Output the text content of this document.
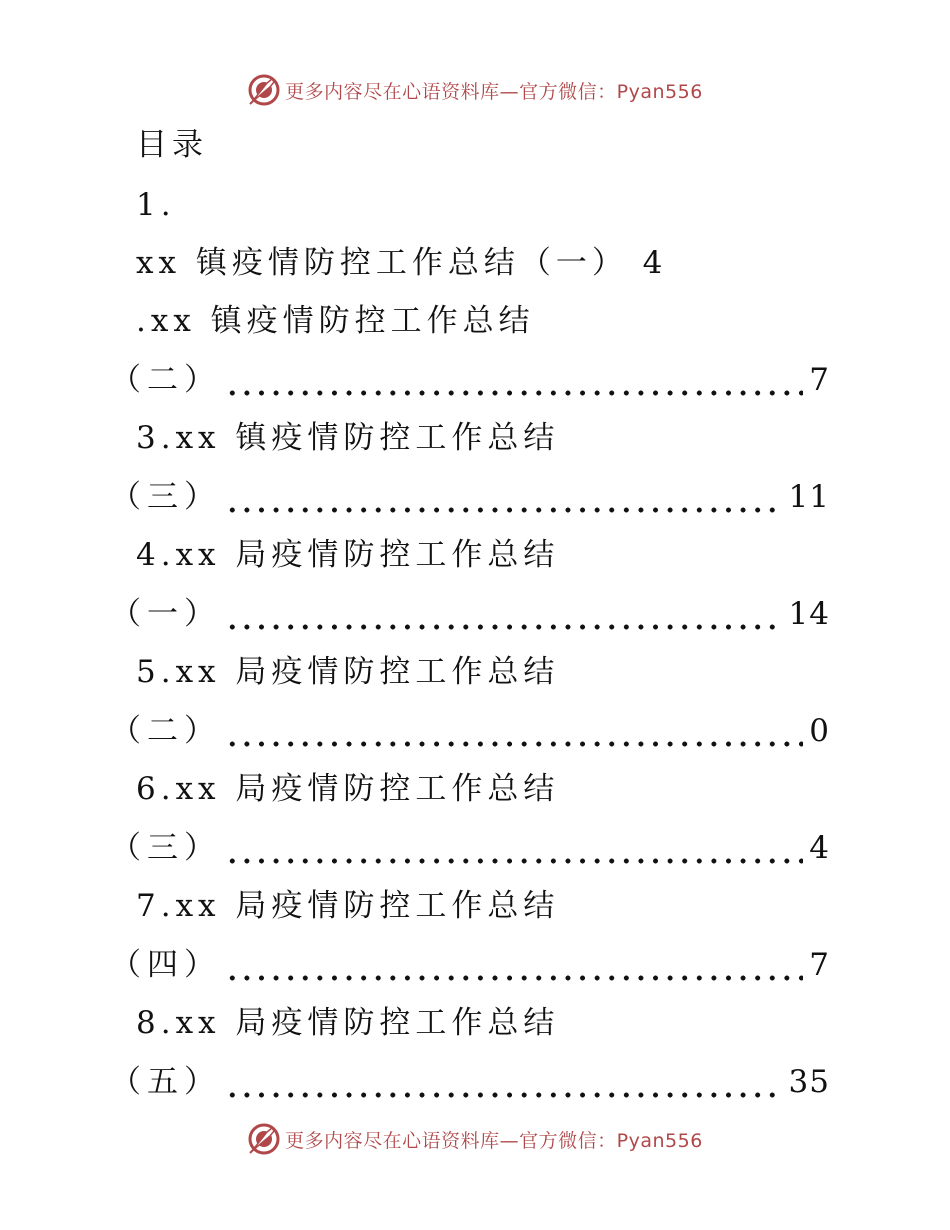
更多内容尽在心语资料库—官方微信：Pyan556
目录
1.
xx 镇疫情防控工作总结（一） 4
.xx 镇疫情防控工作总结
（二）	7
3.xx 镇疫情防控工作总结
（三）	11
4.xx 局疫情防控工作总结
（一）	14
5.xx 局疫情防控工作总结
（二）	0
6.xx 局疫情防控工作总结
（三）	4
7.xx 局疫情防控工作总结
（四）	7
8.xx 局疫情防控工作总结
（五）	35
更多内容尽在心语资料库—官方微信：Pyan556
